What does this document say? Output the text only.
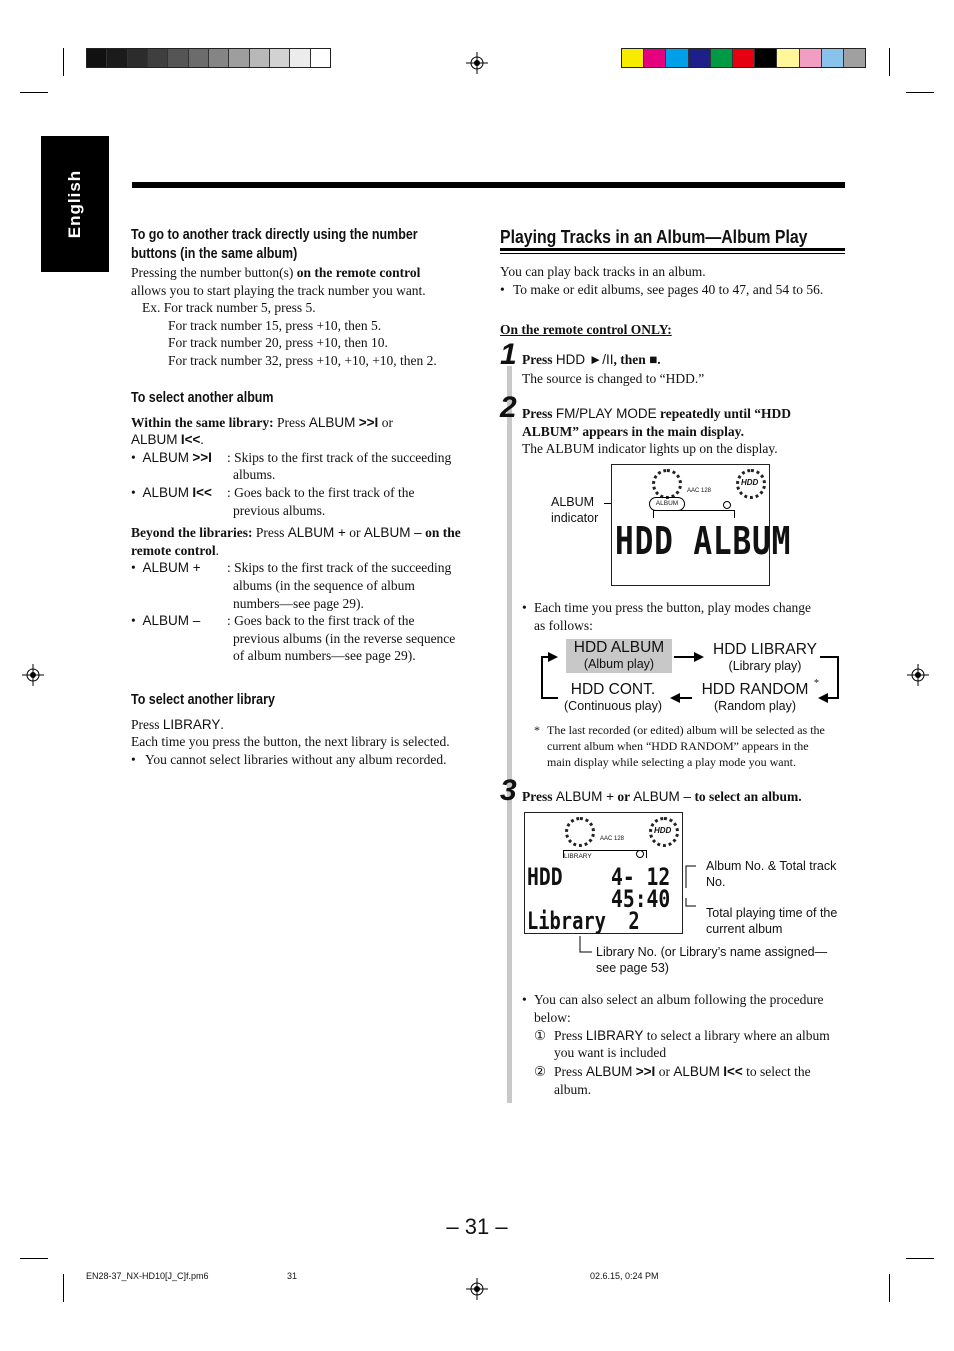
English	To go to another track directly using the number
buttons (in the same album)
Pressing the number button(s) on the remote control
allows you to start playing the track number you want.
Ex. For track number 5, press 5.
For track number 15, press +10, then 5.
For track number 20, press +10, then 10.
For track number 32, press +10, +10, +10, then 2.
To select another album
Within the same library: Press ALBUM >>I or
ALBUM I<<.
•  ALBUM >>I : Skips to the first track of the succeeding
albums.
•  ALBUM I<< : Goes back to the first track of the
previous albums.
Beyond the libraries: Press ALBUM + or ALBUM – on the
remote control.
•  ALBUM + : Skips to the first track of the succeeding
albums (in the sequence of album
numbers—see page 29).
•  ALBUM – : Goes back to the first track of the
previous albums (in the reverse sequence
of album numbers—see page 29).
To select another library
Press LIBRARY.
Each time you press the button, the next library is selected.
• You cannot select libraries without any album recorded.
Playing Tracks in an Album—Album Play
You can play back tracks in an album.
• To make or edit albums, see pages 40 to 47, and 54 to 56.
On the remote control ONLY:
1 Press HDD ►/II, then ■.
The source is changed to “HDD.”
2 Press FM/PLAY MODE repeatedly until “HDD
ALBUM” appears in the main display.
The ALBUM indicator lights up on the display.
ALBUM
indicator
HDD
AAC 128
ALBUM
HDD ALBUM
• Each time you press the button, play modes change
as follows:
HDD ALBUM
(Album play)
HDD LIBRARY
(Library play)
HDD RANDOM
(Random play)
*
HDD CONT.
(Continuous play)
* The last recorded (or edited) album will be selected as the
current album when “HDD RANDOM” appears in the
main display while selecting a play mode you want.
3 Press ALBUM + or ALBUM – to select an album.
HDD
AAC 128
LIBRARY
HDD 4- 12
45:40
Library  2
Album No. & Total track
No.
Total playing time of the
current album
Library No. (or Library’s name assigned—
see page 53)
• You can also select an album following the procedure
below:
① Press LIBRARY to select a library where an album
you want is included
② Press ALBUM >>I or ALBUM I<< to select the
album.
– 31 –
EN28-37_NX-HD10[J_C]f.pm6	31	02.6.15, 0:24 PM
